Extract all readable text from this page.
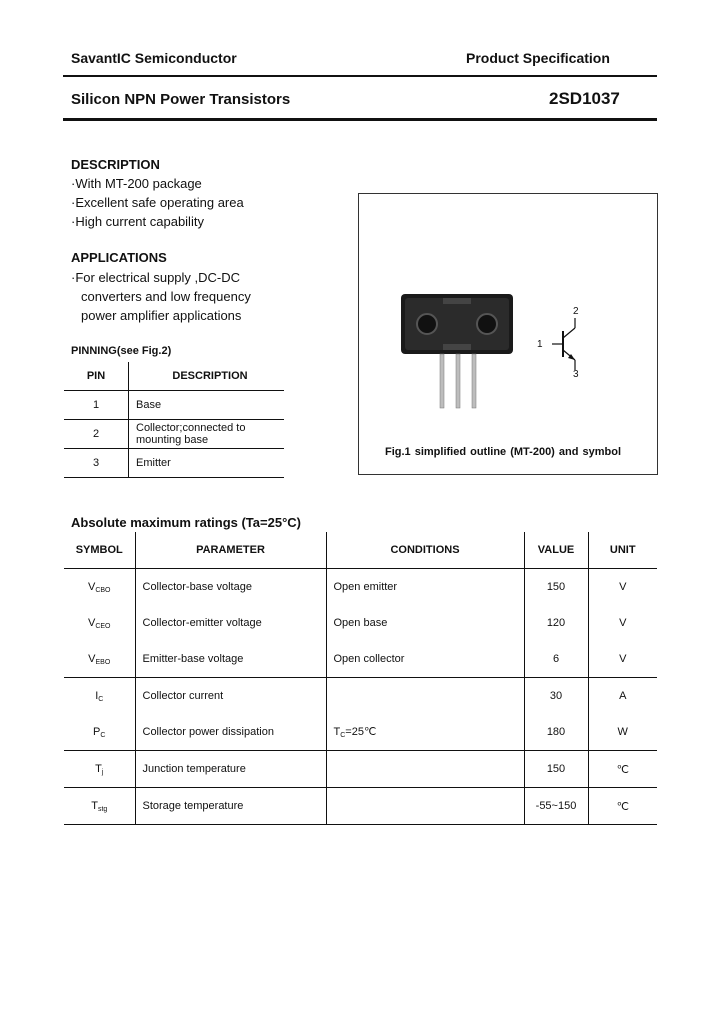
SavantIC Semiconductor	Product Specification
Silicon NPN Power Transistors	2SD1037
DESCRIPTION
·With MT-200 package
·Excellent safe operating area
·High current capability
APPLICATIONS
·For electrical supply ,DC-DC
converters and low frequency
power amplifier applications
PINNING(see Fig.2)
PIN	DESCRIPTION
1	Base
2	Collector;connected to mounting base
3	Emitter
1
2
3
Fig.1 simplified outline (MT-200) and symbol
Absolute maximum ratings (Ta=25°C)
SYMBOL	PARAMETER	CONDITIONS	VALUE	UNIT
$V_{CBO}$	Collector-base voltage	Open emitter	150	V
$V_{CEO}$	Collector-emitter voltage	Open base	120	V
$V_{EBO}$	Emitter-base voltage	Open collector	6	V
$I_C$	Collector current		30	A
$P_C$	Collector power dissipation	$T_C=25℃$	180	W
$T_j$	Junction temperature		150	℃
$T_{stg}$	Storage temperature		-55~150	℃
